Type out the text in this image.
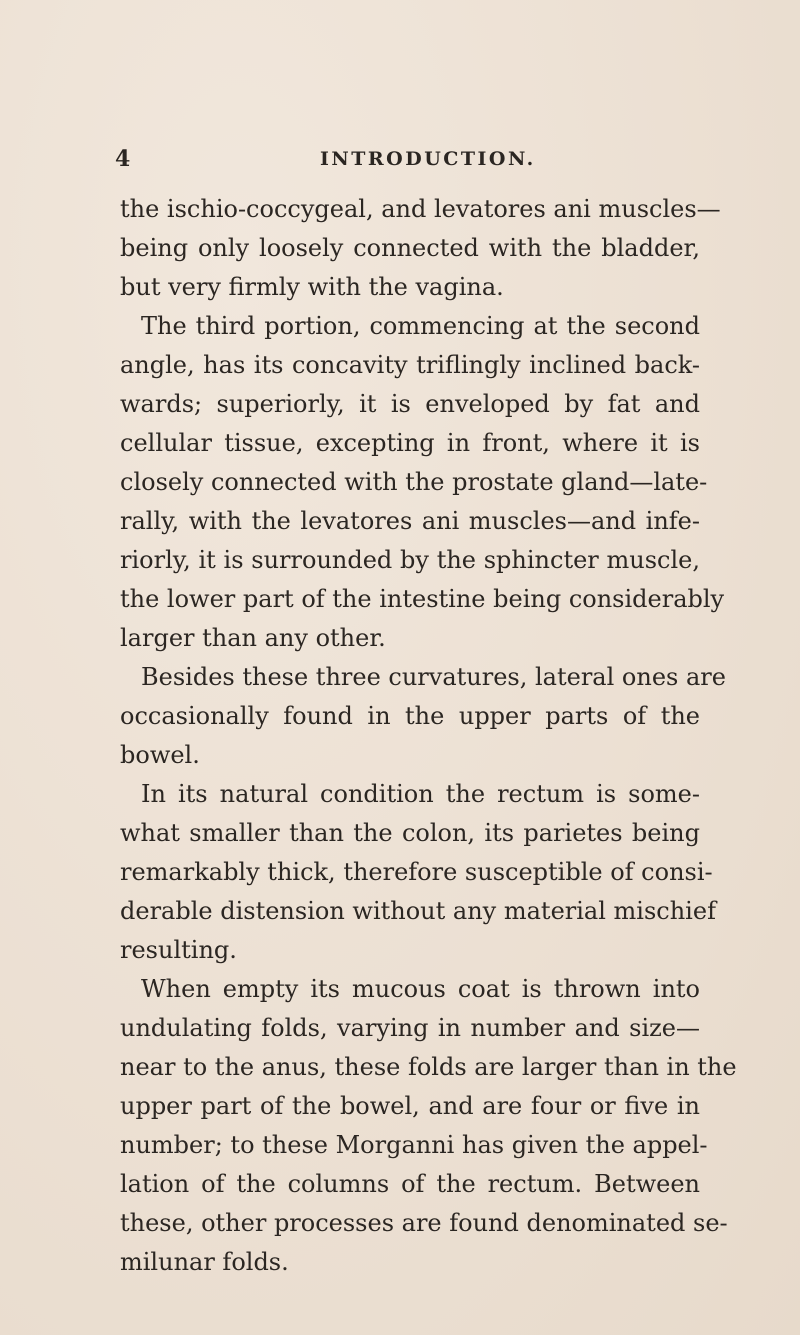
4	INTRODUCTION.
the ischio-coccygeal, and levatores ani muscles—
being only loosely connected with the bladder,
but very firmly with the vagina.
The third portion, commencing at the second
angle, has its concavity triflingly inclined back-
wards; superiorly, it is enveloped by fat and
cellular tissue, excepting in front, where it is
closely connected with the prostate gland—late-
rally, with the levatores ani muscles—and infe-
riorly, it is surrounded by the sphincter muscle,
the lower part of the intestine being considerably
larger than any other.
Besides these three curvatures, lateral ones are
occasionally found in the upper parts of the
bowel.
In its natural condition the rectum is some-
what smaller than the colon, its parietes being
remarkably thick, therefore susceptible of consi-
derable distension without any material mischief
resulting.
When empty its mucous coat is thrown into
undulating folds, varying in number and size—
near to the anus, these folds are larger than in the
upper part of the bowel, and are four or five in
number; to these Morganni has given the appel-
lation of the columns of the rectum. Between
these, other processes are found denominated se-
milunar folds.
